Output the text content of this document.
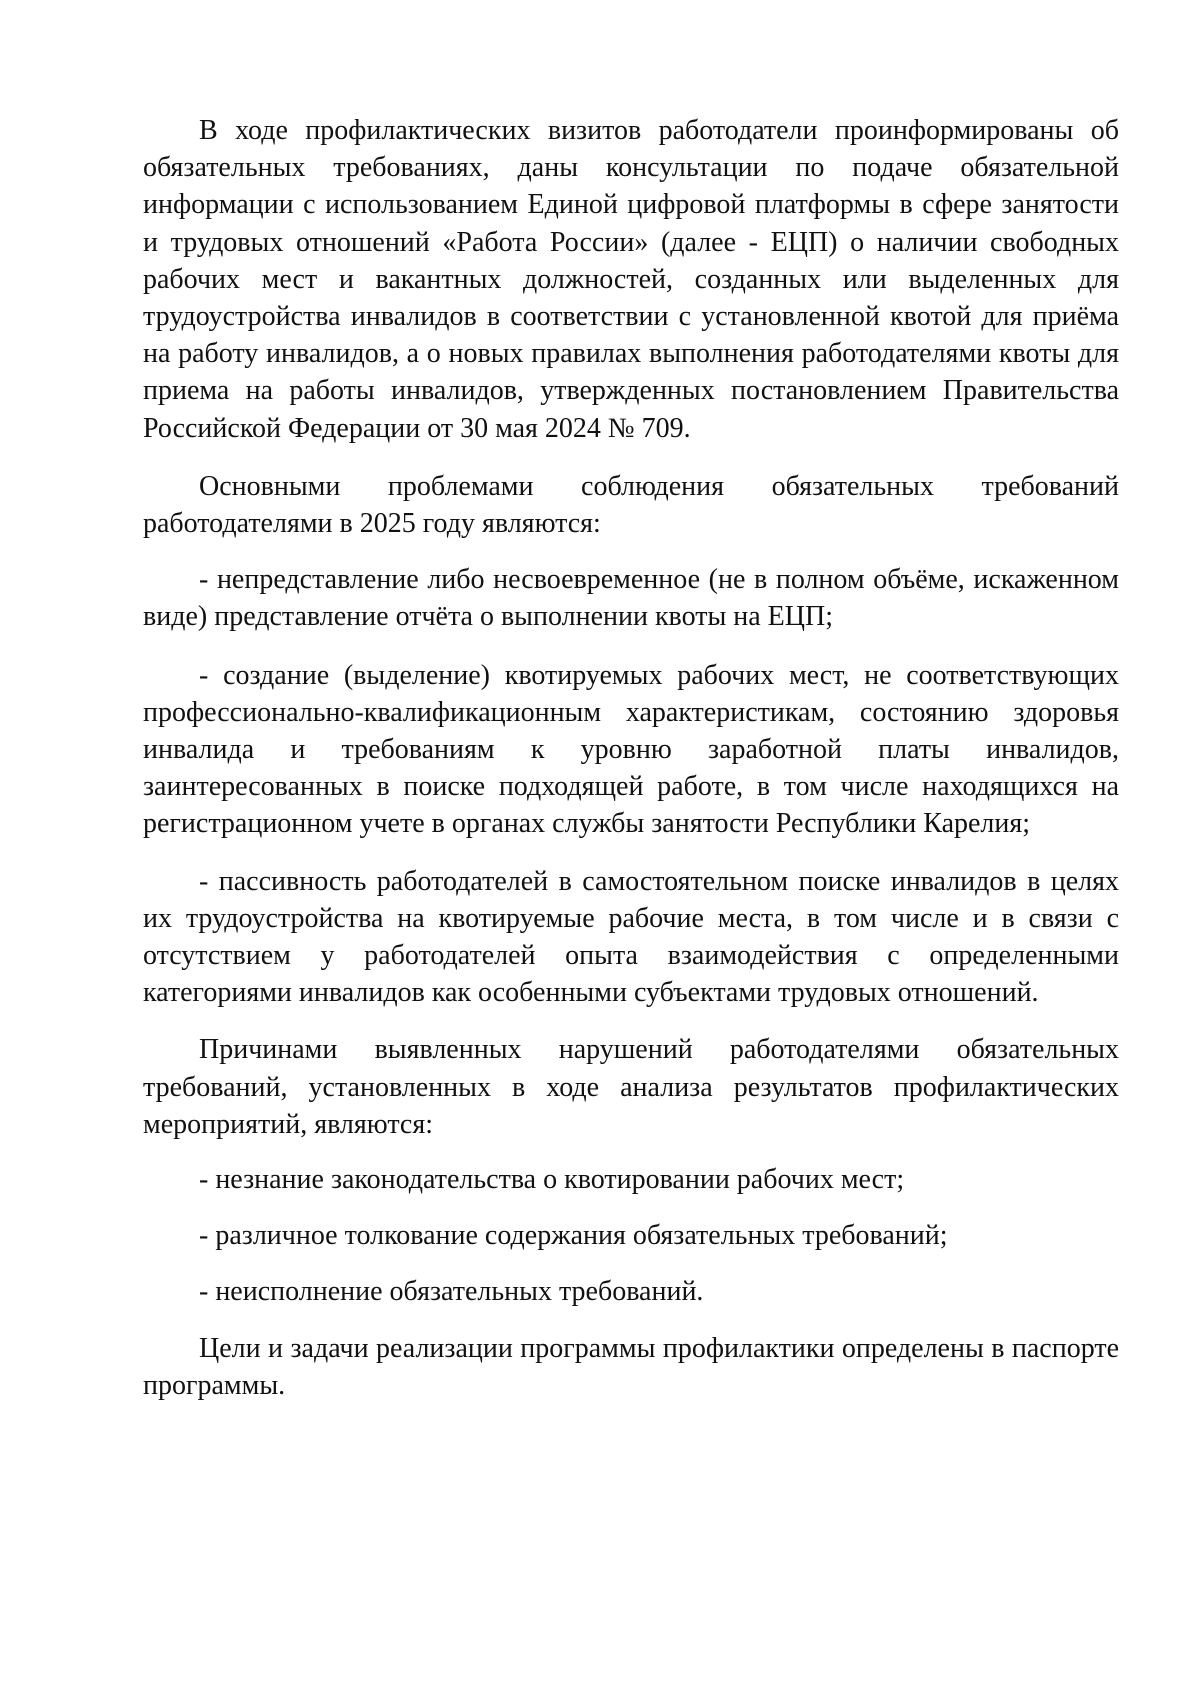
В ходе профилактических визитов работодатели проинформированы об обязательных требованиях, даны консультации по подаче обязательной информации с использованием Единой цифровой платформы в сфере занятости и трудовых отношений «Работа России» (далее - ЕЦП) о наличии свободных рабочих мест и вакантных должностей, созданных или выделенных для трудоустройства инвалидов в соответствии с установленной квотой для приёма на работу инвалидов, а о новых правилах выполнения работодателями квоты для приема на работы инвалидов, утвержденных постановлением Правительства Российской Федерации от 30 мая 2024 № 709.

Основными проблемами соблюдения обязательных требований работодателями в 2025 году являются:

- непредставление либо несвоевременное (не в полном объёме, искаженном виде) представление отчёта о выполнении квоты на ЕЦП;

- создание (выделение) квотируемых рабочих мест, не соответствующих профессионально-квалификационным характеристикам, состоянию здоровья инвалида и требованиям к уровню заработной платы инвалидов, заинтересованных в поиске подходящей работе, в том числе находящихся на регистрационном учете в органах службы занятости Республики Карелия;

- пассивность работодателей в самостоятельном поиске инвалидов в целях их трудоустройства на квотируемые рабочие места, в том числе и в связи с отсутствием у работодателей опыта взаимодействия с определенными категориями инвалидов как особенными субъектами трудовых отношений.

Причинами выявленных нарушений работодателями обязательных требований, установленных в ходе анализа результатов профилактических мероприятий, являются:

- незнание законодательства о квотировании рабочих мест;

- различное толкование содержания обязательных требований;

- неисполнение обязательных требований.

Цели и задачи реализации программы профилактики определены в паспорте программы.
